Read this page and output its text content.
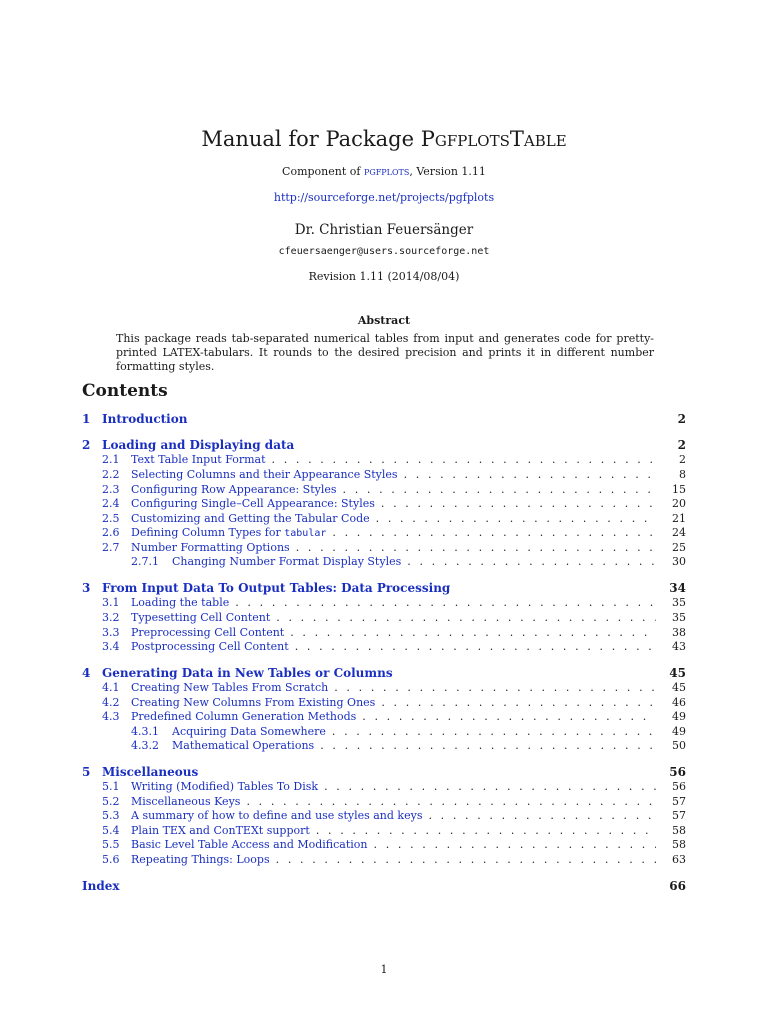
Manual for Package PgfplotsTable
Component of pgfplots, Version 1.11
http://sourceforge.net/projects/pgfplots
Dr. Christian Feuersänger
cfeuersaenger@users.sourceforge.net
Revision 1.11 (2014/08/04)
Abstract
This package reads tab-separated numerical tables from input and generates code for pretty-printed LATEX-tabulars. It rounds to the desired precision and prints it in different number formatting styles.
Contents
1 Introduction	2
2 Loading and Displaying data	2
2.1 Text Table Input Format . . .	2
2.2 Selecting Columns and their Appearance Styles . . .	8
2.3 Configuring Row Appearance: Styles . . .	15
2.4 Configuring Single–Cell Appearance: Styles . . .	20
2.5 Customizing and Getting the Tabular Code . . .	21
2.6 Defining Column Types for tabular . . .	24
2.7 Number Formatting Options . . .	25
2.7.1 Changing Number Format Display Styles . . .	30
3 From Input Data To Output Tables: Data Processing	34
3.1 Loading the table . . .	35
3.2 Typesetting Cell Content . . .	35
3.3 Preprocessing Cell Content . . .	38
3.4 Postprocessing Cell Content . . .	43
4 Generating Data in New Tables or Columns	45
4.1 Creating New Tables From Scratch . . .	45
4.2 Creating New Columns From Existing Ones . . .	46
4.3 Predefined Column Generation Methods . . .	49
4.3.1 Acquiring Data Somewhere . . .	49
4.3.2 Mathematical Operations . . .	50
5 Miscellaneous	56
5.1 Writing (Modified) Tables To Disk . . .	56
5.2 Miscellaneous Keys . . .	57
5.3 A summary of how to define and use styles and keys . . .	57
5.4 Plain TEX and ConTEXt support . . .	58
5.5 Basic Level Table Access and Modification . . .	58
5.6 Repeating Things: Loops . . .	63
Index	66
1
